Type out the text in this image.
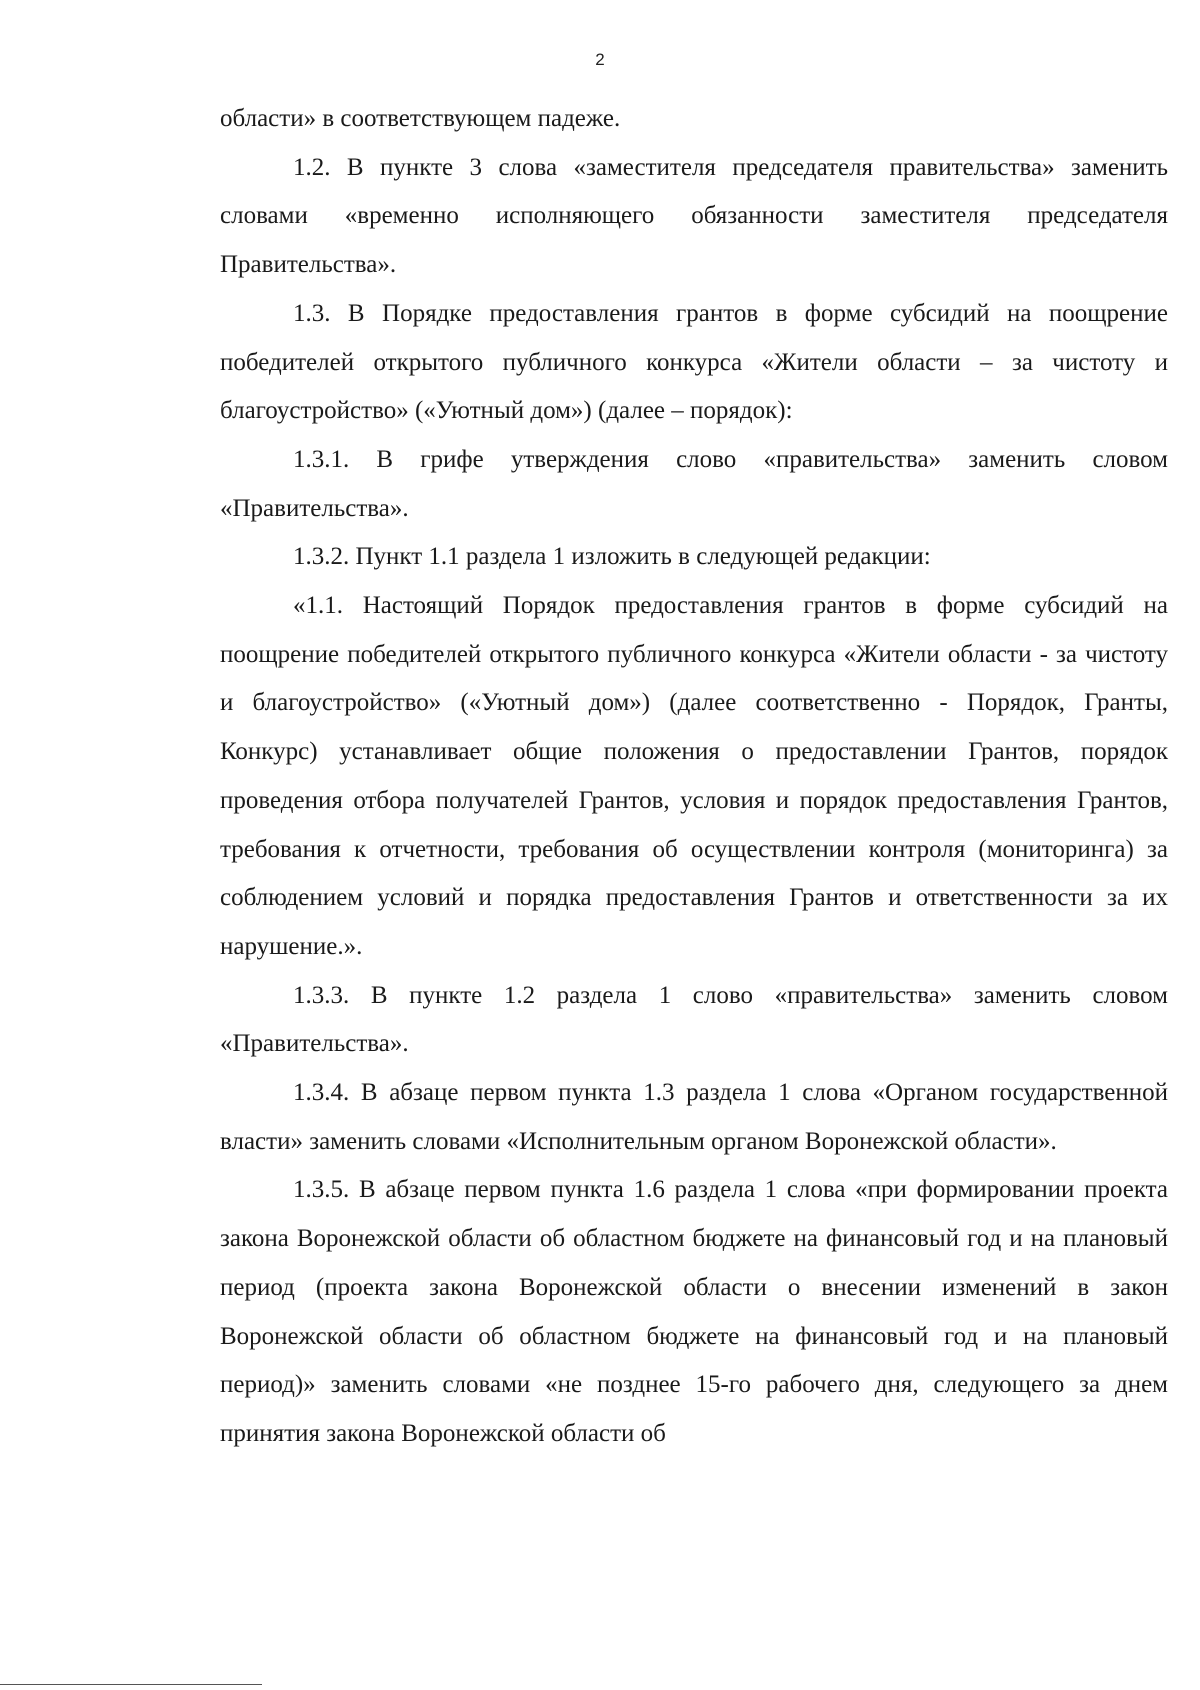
2

области» в соответствующем падеже.

1.2. В пункте 3 слова «заместителя председателя правительства» заменить словами «временно исполняющего обязанности заместителя председателя Правительства».

1.3. В Порядке предоставления грантов в форме субсидий на поощрение победителей открытого публичного конкурса «Жители области – за чистоту и благоустройство» («Уютный дом») (далее – порядок):

1.3.1. В грифе утверждения слово «правительства» заменить словом «Правительства».

1.3.2. Пункт 1.1 раздела 1 изложить в следующей редакции:

«1.1. Настоящий Порядок предоставления грантов в форме субсидий на поощрение победителей открытого публичного конкурса «Жители области - за чистоту и благоустройство» («Уютный дом») (далее соответственно - Порядок, Гранты, Конкурс) устанавливает общие положения о предоставлении Грантов, порядок проведения отбора получателей Грантов, условия и порядок предоставления Грантов, требования к отчетности, требования об осуществлении контроля (мониторинга) за соблюдением условий и порядка предоставления Грантов и ответственности за их нарушение.».

1.3.3. В пункте 1.2 раздела 1 слово «правительства» заменить словом «Правительства».

1.3.4. В абзаце первом пункта 1.3 раздела 1 слова «Органом государственной власти» заменить словами «Исполнительным органом Воронежской области».

1.3.5. В абзаце первом пункта 1.6 раздела 1 слова «при формировании проекта закона Воронежской области об областном бюджете на финансовый год и на плановый период (проекта закона Воронежской области о внесении изменений в закон Воронежской области об областном бюджете на финансовый год и на плановый период)» заменить словами «не позднее 15-го рабочего дня, следующего за днем принятия закона Воронежской области об
